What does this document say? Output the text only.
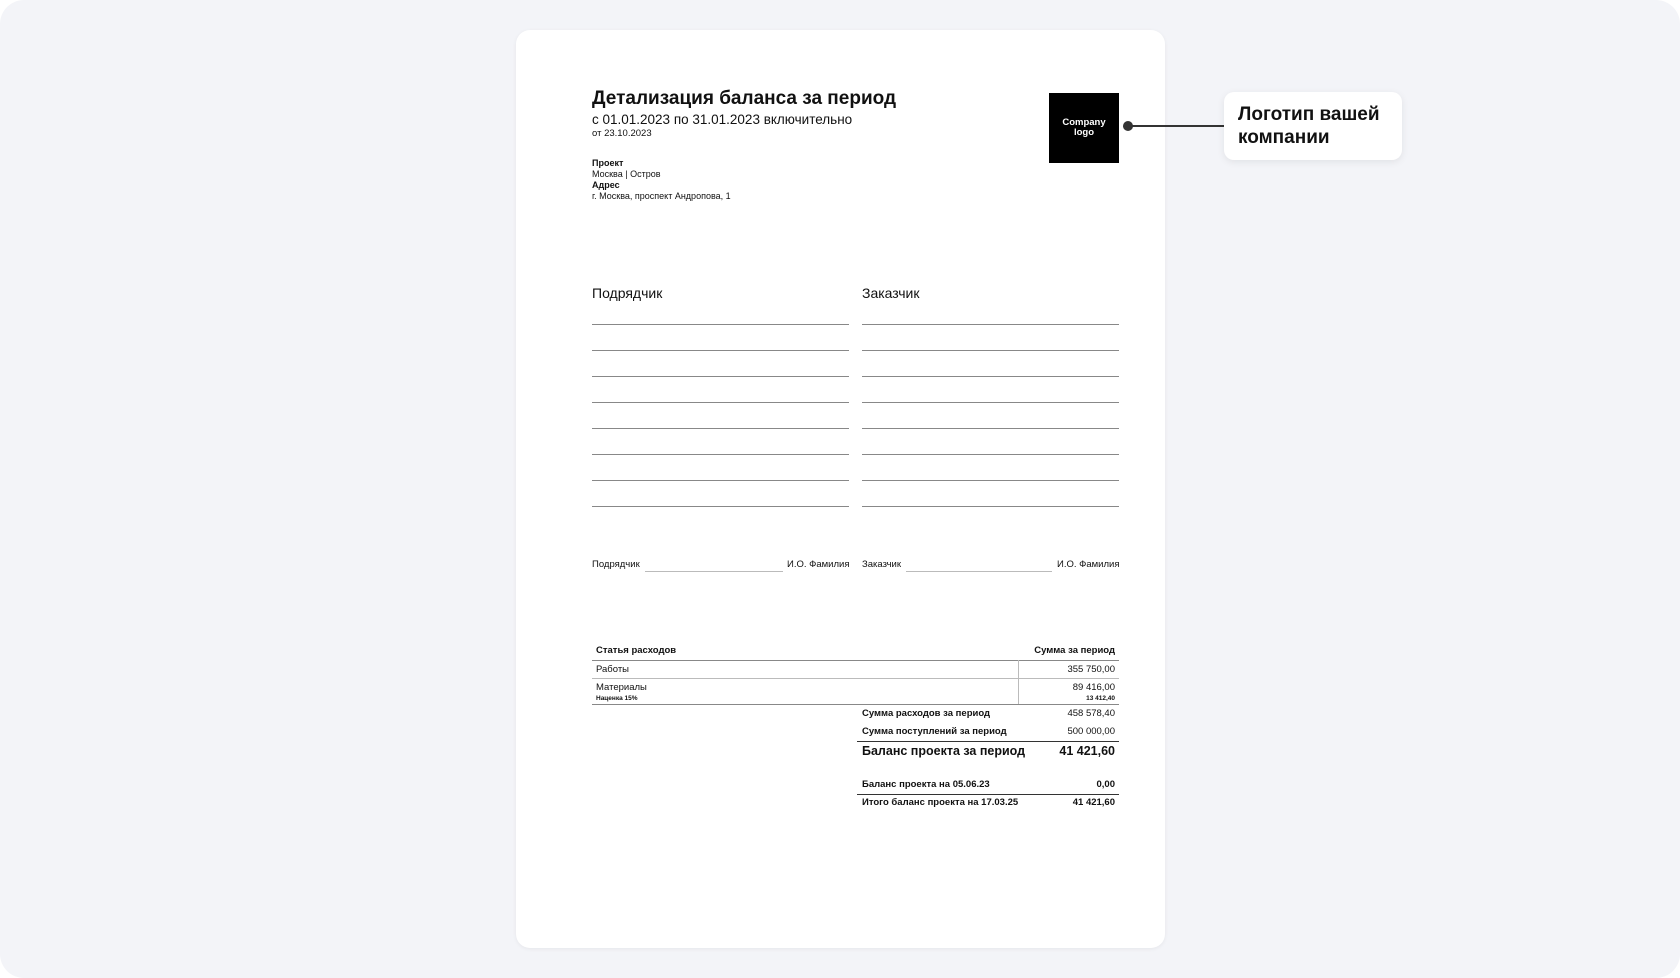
Детализация баланса за период
с 01.01.2023 по 31.01.2023 включительно
от 23.10.2023
Company logo
Проект
Москва | Остров
Адрес
г. Москва, проспект Андропова, 1
Подрядчик	Заказчик
Подрядчик	И.О. Фамилия Заказчик	И.О. Фамилия
Статья расходов	Сумма за период
Работы	355 750,00
Материалы	89 416,00
Наценка 15%	13 412,40
Сумма расходов за период	458 578,40
Сумма поступлений за период	500 000,00
Баланс проекта за период	41 421,60
Баланс проекта на 05.06.23	0,00
Итого баланс проекта на 17.03.25	41 421,60
Логотип вашей компании
